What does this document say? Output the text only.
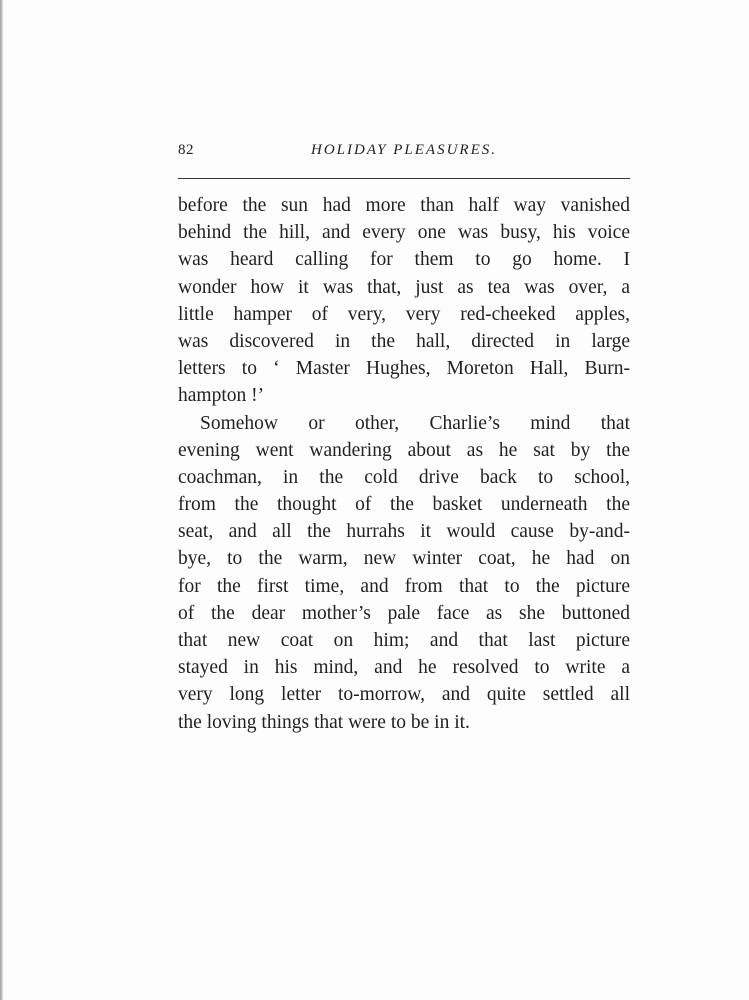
82	HOLIDAY PLEASURES.
before the sun had more than half way vanished
behind the hill, and every one was busy, his voice
was heard calling for them to go home. I
wonder how it was that, just as tea was over, a
little hamper of very, very red-cheeked apples,
was discovered in the hall, directed in large
letters to ‘ Master Hughes, Moreton Hall, Burn-
hampton !’
Somehow or other, Charlie’s mind that
evening went wandering about as he sat by the
coachman, in the cold drive back to school,
from the thought of the basket underneath the
seat, and all the hurrahs it would cause by-and-
bye, to the warm, new winter coat, he had on
for the first time, and from that to the picture
of the dear mother’s pale face as she buttoned
that new coat on him; and that last picture
stayed in his mind, and he resolved to write a
very long letter to-morrow, and quite settled all
the loving things that were to be in it.
